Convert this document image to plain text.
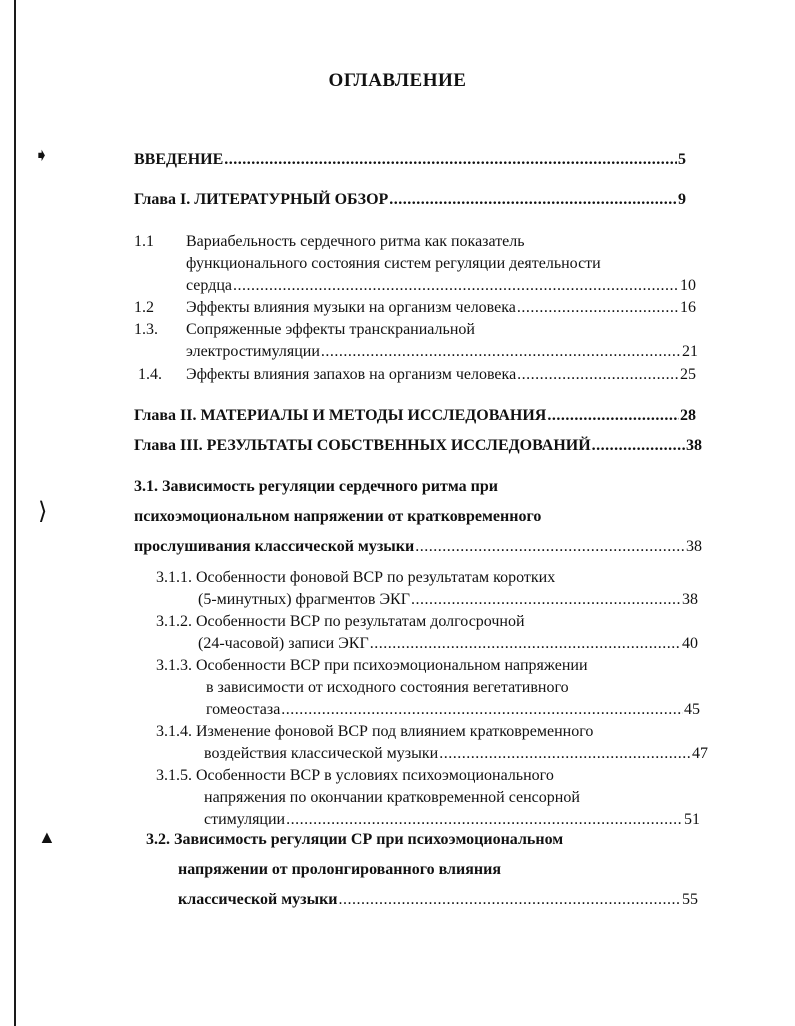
➧
⟩
▲
ОГЛАВЛЕНИЕ
ВВЕДЕНИЕ .....	5
Глава I. ЛИТЕРАТУРНЫЙ ОБЗОР .....	9
1.1 Вариабельность сердечного ритма как показатель
функционального состояния систем регуляции деятельности
сердца .....	10
1.2 Эффекты влияния музыки на организм человека .....	16
1.3. Сопряженные эффекты транскраниальной
электростимуляции .....	21
1.4. Эффекты влияния запахов на организм человека .....	25
Глава II. МАТЕРИАЛЫ И МЕТОДЫ ИССЛЕДОВАНИЯ .....	28
Глава III. РЕЗУЛЬТАТЫ СОБСТВЕННЫХ ИССЛЕДОВАНИЙ .....	38
3.1. Зависимость регуляции сердечного ритма при
психоэмоциональном напряжении от кратковременного
прослушивания классической музыки .....	38
3.1.1. Особенности фоновой ВСР по результатам коротких
(5-минутных) фрагментов ЭКГ .....	38
3.1.2. Особенности ВСР по результатам долгосрочной
(24-часовой) записи ЭКГ .....	40
3.1.3. Особенности ВСР при психоэмоциональном напряжении
в зависимости от исходного состояния вегетативного
гомеостаза .....	45
3.1.4. Изменение фоновой ВСР под влиянием кратковременного
воздействия классической музыки .....	47
3.1.5. Особенности ВСР в условиях психоэмоционального
напряжения по окончании кратковременной сенсорной
стимуляции .....	51
3.2. Зависимость регуляции СР при психоэмоциональном
напряжении от пролонгированного влияния
классической музыки .....	55
